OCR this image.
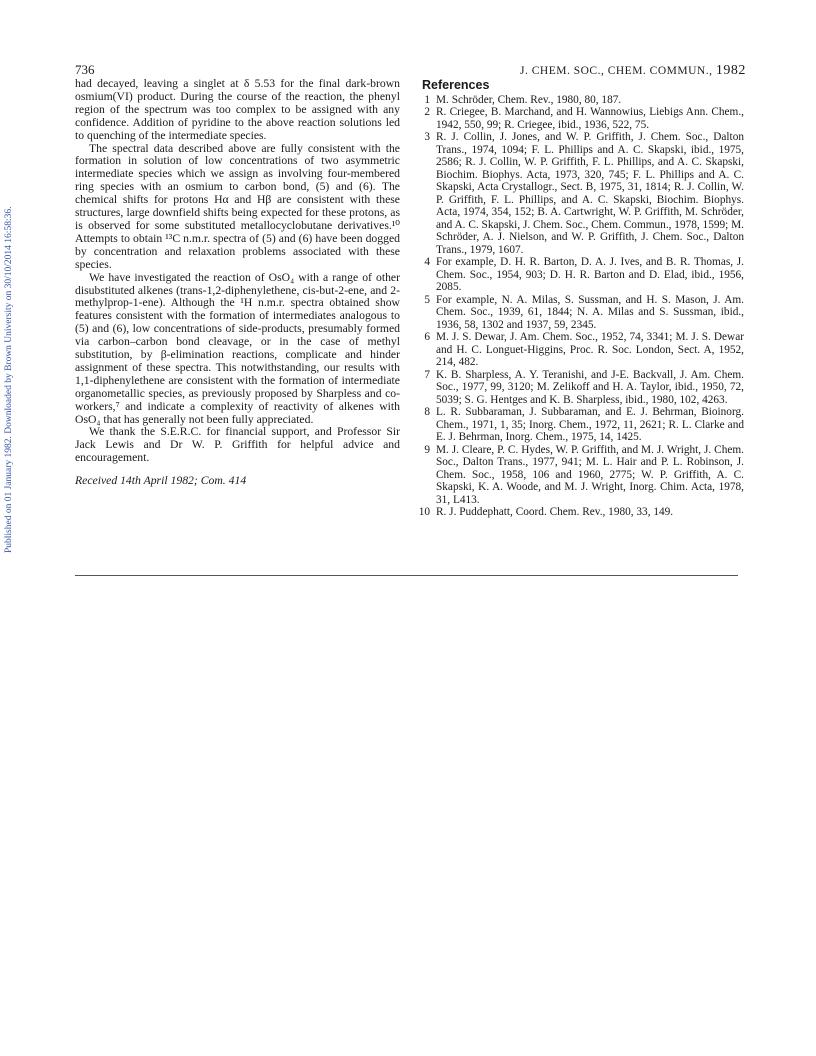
Published on 01 January 1982. Downloaded by Brown University on 30/10/2014 16:58:36.
736	J. CHEM. SOC., CHEM. COMMUN., 1982

had decayed, leaving a singlet at δ 5.53 for the final dark-brown osmium(VI) product. During the course of the reaction, the phenyl region of the spectrum was too complex to be assigned with any confidence. Addition of pyridine to the above reaction solutions led to quenching of the intermediate species.

The spectral data described above are fully consistent with the formation in solution of low concentrations of two asymmetric intermediate species which we assign as involving four-membered ring species with an osmium to carbon bond, (5) and (6). The chemical shifts for protons Hα and Hβ are consistent with these structures, large downfield shifts being expected for these protons, as is observed for some substituted metallocyclobutane derivatives.¹⁰ Attempts to obtain ¹³C n.m.r. spectra of (5) and (6) have been dogged by concentration and relaxation problems associated with these species.

We have investigated the reaction of OsO₄ with a range of other disubstituted alkenes (trans-1,2-diphenylethene, cis-but-2-ene, and 2-methylprop-1-ene). Although the ¹H n.m.r. spectra obtained show features consistent with the formation of intermediates analogous to (5) and (6), low concentrations of side-products, presumably formed via carbon–carbon bond cleavage, or in the case of methyl substitution, by β-elimination reactions, complicate and hinder assignment of these spectra. This notwithstanding, our results with 1,1-diphenylethene are consistent with the formation of intermediate organometallic species, as previously proposed by Sharpless and co-workers,⁷ and indicate a complexity of reactivity of alkenes with OsO₄ that has generally not been fully appreciated.

We thank the S.E.R.C. for financial support, and Professor Sir Jack Lewis and Dr W. P. Griffith for helpful advice and encouragement.

Received 14th April 1982; Com. 414

References
1 M. Schröder, Chem. Rev., 1980, 80, 187.
2 R. Criegee, B. Marchand, and H. Wannowius, Liebigs Ann. Chem., 1942, 550, 99; R. Criegee, ibid., 1936, 522, 75.
3 R. J. Collin, J. Jones, and W. P. Griffith, J. Chem. Soc., Dalton Trans., 1974, 1094; F. L. Phillips and A. C. Skapski, ibid., 1975, 2586; R. J. Collin, W. P. Griffith, F. L. Phillips, and A. C. Skapski, Biochim. Biophys. Acta, 1973, 320, 745; F. L. Phillips and A. C. Skapski, Acta Crystallogr., Sect. B, 1975, 31, 1814; R. J. Collin, W. P. Griffith, F. L. Phillips, and A. C. Skapski, Biochim. Biophys. Acta, 1974, 354, 152; B. A. Cartwright, W. P. Griffith, M. Schröder, and A. C. Skapski, J. Chem. Soc., Chem. Commun., 1978, 1599; M. Schröder, A. J. Nielson, and W. P. Griffith, J. Chem. Soc., Dalton Trans., 1979, 1607.
4 For example, D. H. R. Barton, D. A. J. Ives, and B. R. Thomas, J. Chem. Soc., 1954, 903; D. H. R. Barton and D. Elad, ibid., 1956, 2085.
5 For example, N. A. Milas, S. Sussman, and H. S. Mason, J. Am. Chem. Soc., 1939, 61, 1844; N. A. Milas and S. Sussman, ibid., 1936, 58, 1302 and 1937, 59, 2345.
6 M. J. S. Dewar, J. Am. Chem. Soc., 1952, 74, 3341; M. J. S. Dewar and H. C. Longuet-Higgins, Proc. R. Soc. London, Sect. A, 1952, 214, 482.
7 K. B. Sharpless, A. Y. Teranishi, and J-E. Backvall, J. Am. Chem. Soc., 1977, 99, 3120; M. Zelikoff and H. A. Taylor, ibid., 1950, 72, 5039; S. G. Hentges and K. B. Sharpless, ibid., 1980, 102, 4263.
8 L. R. Subbaraman, J. Subbaraman, and E. J. Behrman, Bioinorg. Chem., 1971, 1, 35; Inorg. Chem., 1972, 11, 2621; R. L. Clarke and E. J. Behrman, Inorg. Chem., 1975, 14, 1425.
9 M. J. Cleare, P. C. Hydes, W. P. Griffith, and M. J. Wright, J. Chem. Soc., Dalton Trans., 1977, 941; M. L. Hair and P. L. Robinson, J. Chem. Soc., 1958, 106 and 1960, 2775; W. P. Griffith, A. C. Skapski, K. A. Woode, and M. J. Wright, Inorg. Chim. Acta, 1978, 31, L413.
10 R. J. Puddephatt, Coord. Chem. Rev., 1980, 33, 149.
